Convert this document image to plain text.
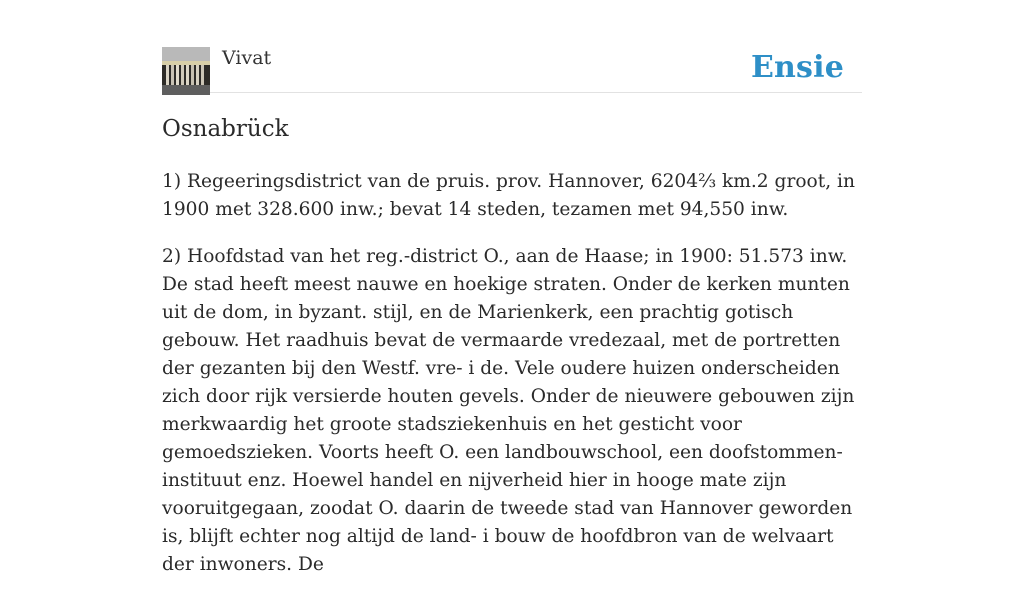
Vivat	Ensie
Osnabrück

1) Regeeringsdistrict van de pruis. prov. Hannover, 6204⅔ km.2 groot, in 1900 met 328.600 inw.; bevat 14 steden, tezamen met 94,550 inw.

2) Hoofdstad van het reg.-district O., aan de Haase; in 1900: 51.573 inw. De stad heeft meest nauwe en hoekige straten. Onder de kerken munten uit de dom, in byzant. stijl, en de Marienkerk, een prachtig gotisch gebouw. Het raadhuis bevat de vermaarde vredezaal, met de portretten der gezanten bij den Westf. vre- i de. Vele oudere huizen onderscheiden zich door rijk versierde houten gevels. Onder de nieuwere gebouwen zijn merkwaardig het groote stadsziekenhuis en het gesticht voor gemoedszieken. Voorts heeft O. een landbouwschool, een doofstommen-instituut enz. Hoewel handel en nijverheid hier in hooge mate zijn vooruitgegaan, zoodat O. daarin de tweede stad van Hannover geworden is, blijft echter nog altijd de land- i bouw de hoofdbron van de welvaart der inwoners. De
